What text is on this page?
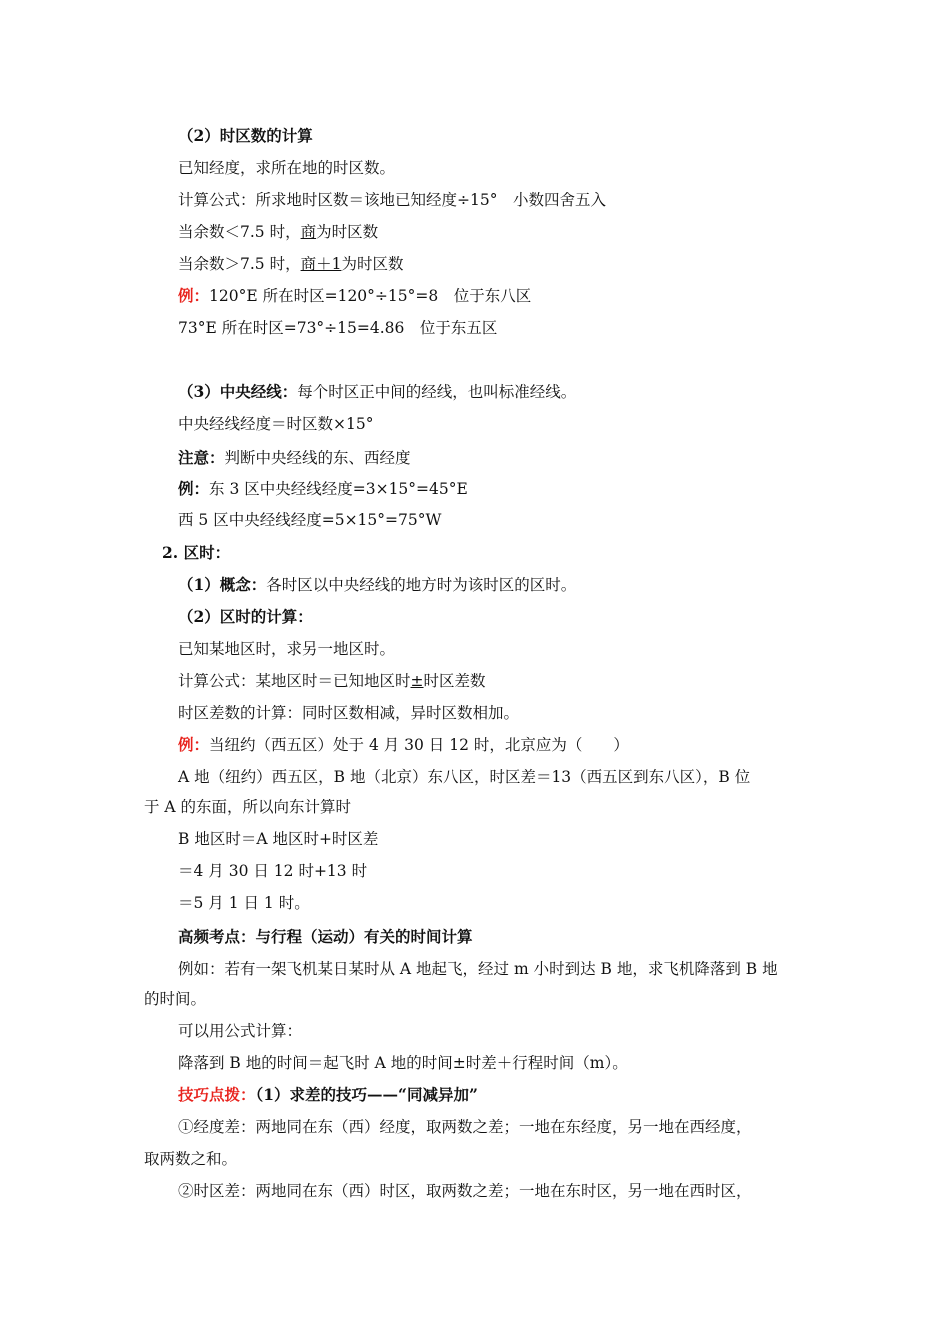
（2）时区数的计算
已知经度，求所在地的时区数。
计算公式：所求地时区数＝该地已知经度÷15°　小数四舍五入
当余数＜7.5 时，商为时区数
当余数＞7.5 时，商＋1为时区数
例：120°E 所在时区=120°÷15°=8　位于东八区
73°E 所在时区=73°÷15=4.86　位于东五区
（3）中央经线：每个时区正中间的经线，也叫标准经线。
中央经线经度＝时区数×15°
注意：判断中央经线的东、西经度
例：东 3 区中央经线经度=3×15°=45°E
西 5 区中央经线经度=5×15°=75°W
2. 区时：
（1）概念：各时区以中央经线的地方时为该时区的区时。
（2）区时的计算：
已知某地区时，求另一地区时。
计算公式：某地区时＝已知地区时±时区差数
时区差数的计算：同时区数相减，异时区数相加。
例：当纽约（西五区）处于 4 月 30 日 12 时，北京应为（　　）
A 地（纽约）西五区，B 地（北京）东八区，时区差＝13（西五区到东八区），B 位
于 A 的东面，所以向东计算时
B 地区时＝A 地区时+时区差
＝4 月 30 日 12 时+13 时
＝5 月 1 日 1 时。
高频考点：与行程（运动）有关的时间计算
例如：若有一架飞机某日某时从 A 地起飞，经过 m 小时到达 B 地，求飞机降落到 B 地
的时间。
可以用公式计算：
降落到 B 地的时间＝起飞时 A 地的时间±时差＋行程时间（m）。
技巧点拨：（1）求差的技巧——“同减异加”
①经度差：两地同在东（西）经度，取两数之差；一地在东经度，另一地在西经度，
取两数之和。
②时区差：两地同在东（西）时区，取两数之差；一地在东时区，另一地在西时区，
